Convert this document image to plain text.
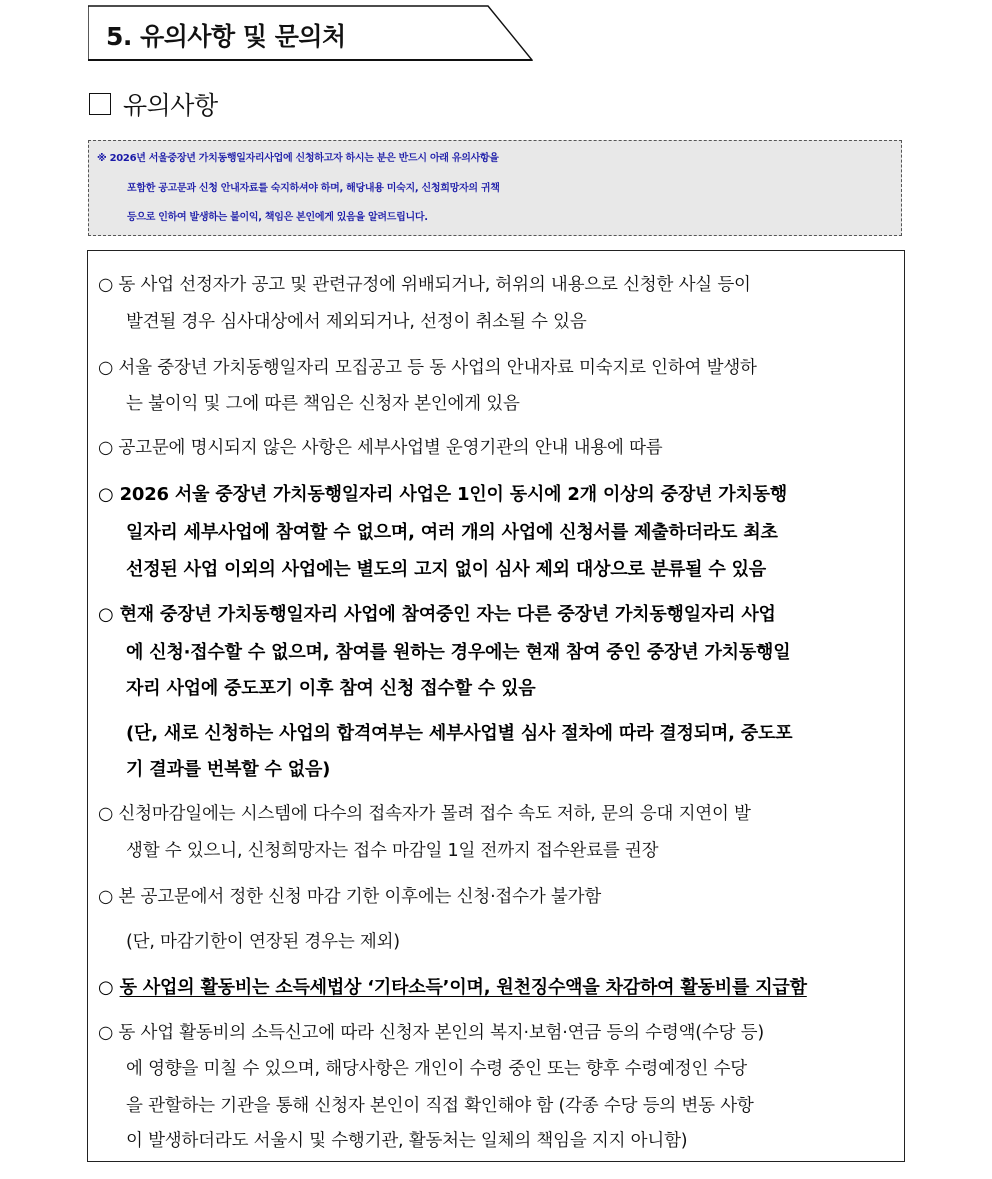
5. 유의사항 및 문의처
유의사항
※ 2026년 서울중장년 가치동행일자리사업에 신청하고자 하시는 분은 반드시 아래 유의사항을
포함한 공고문과 신청 안내자료를 숙지하셔야 하며, 해당내용 미숙지, 신청희망자의 귀책
등으로 인하여 발생하는 불이익, 책임은 본인에게 있음을 알려드립니다.
○ 동 사업 선정자가 공고 및 관련규정에 위배되거나, 허위의 내용으로 신청한 사실 등이
발견될 경우 심사대상에서 제외되거나, 선정이 취소될 수 있음
○ 서울 중장년 가치동행일자리 모집공고 등 동 사업의 안내자료 미숙지로 인하여 발생하
는 불이익 및 그에 따른 책임은 신청자 본인에게 있음
○ 공고문에 명시되지 않은 사항은 세부사업별 운영기관의 안내 내용에 따름
○ 2026 서울 중장년 가치동행일자리 사업은 1인이 동시에 2개 이상의 중장년 가치동행
일자리 세부사업에 참여할 수 없으며, 여러 개의 사업에 신청서를 제출하더라도 최초
선정된 사업 이외의 사업에는 별도의 고지 없이 심사 제외 대상으로 분류될 수 있음
○ 현재 중장년 가치동행일자리 사업에 참여중인 자는 다른 중장년 가치동행일자리 사업
에 신청·접수할 수 없으며, 참여를 원하는 경우에는 현재 참여 중인 중장년 가치동행일
자리 사업에 중도포기 이후 참여 신청 접수할 수 있음
(단, 새로 신청하는 사업의 합격여부는 세부사업별 심사 절차에 따라 결정되며, 중도포
기 결과를 번복할 수 없음)
○ 신청마감일에는 시스템에 다수의 접속자가 몰려 접수 속도 저하, 문의 응대 지연이 발
생할 수 있으니, 신청희망자는 접수 마감일 1일 전까지 접수완료를 권장
○ 본 공고문에서 정한 신청 마감 기한 이후에는 신청·접수가 불가함
(단, 마감기한이 연장된 경우는 제외)
○ 동 사업의 활동비는 소득세법상 ‘기타소득’이며, 원천징수액을 차감하여 활동비를 지급함
○ 동 사업 활동비의 소득신고에 따라 신청자 본인의 복지·보험·연금 등의 수령액(수당 등)
에 영향을 미칠 수 있으며, 해당사항은 개인이 수령 중인 또는 향후 수령예정인 수당
을 관할하는 기관을 통해 신청자 본인이 직접 확인해야 함 (각종 수당 등의 변동 사항
이 발생하더라도 서울시 및 수행기관, 활동처는 일체의 책임을 지지 아니함)
